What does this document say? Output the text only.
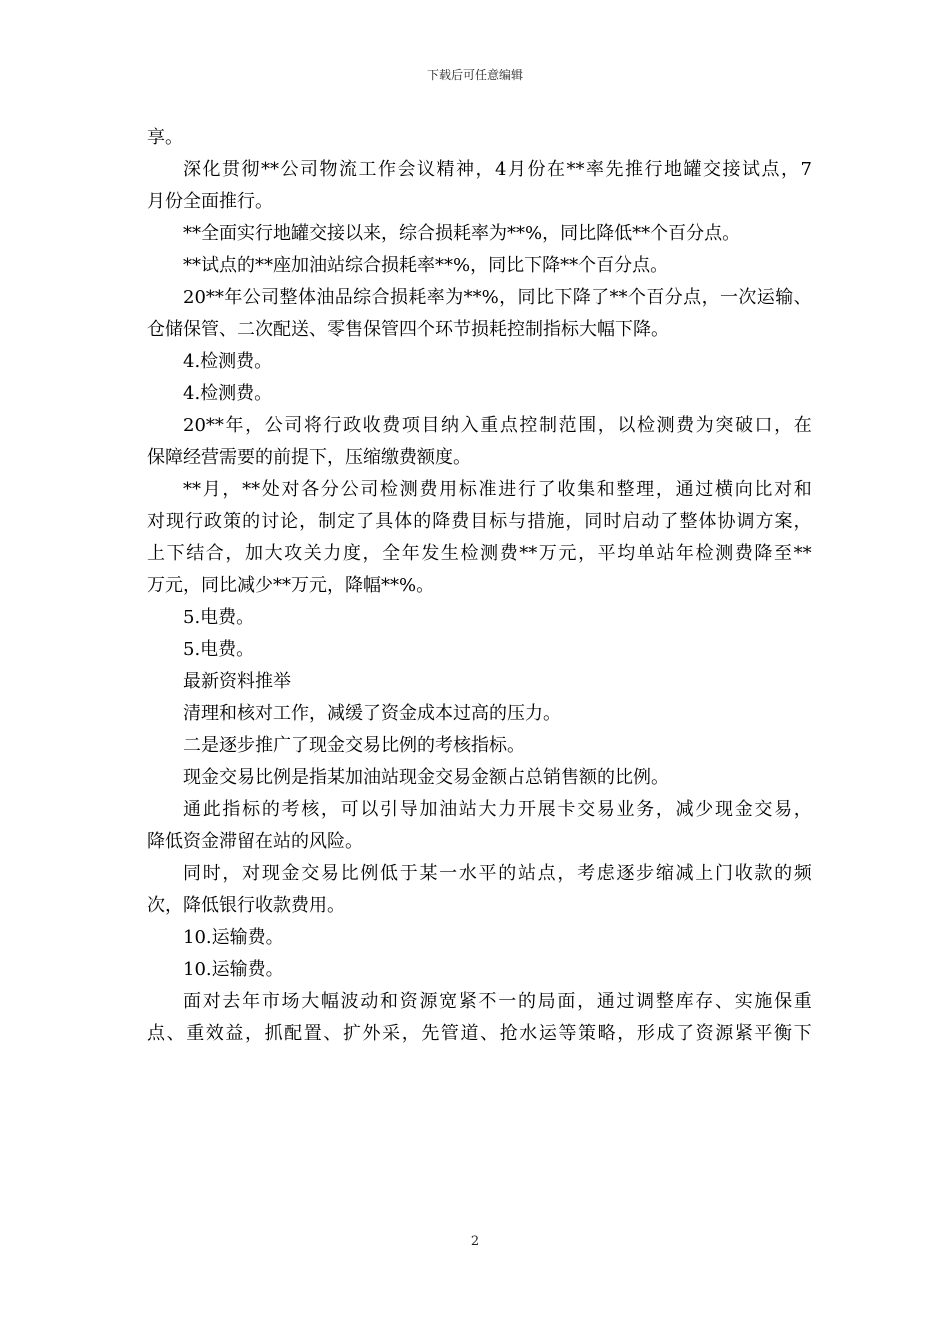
下载后可任意编辑
享。
深 化 贯 彻 ** 公 司 物 流 工 作 会 议 精 神 ， 4 月 份 在 ** 率 先 推 行 地 罐 交 接 试 点 ， 7
月份全面推行。
**全面实行地罐交接以来，综合损耗率为**%，同比降低**个百分点。
**试点的**座加油站综合损耗率**%，同比下降**个百分点。
20** 年 公 司 整 体 油 品 综 合 损 耗 率 为 **% ， 同 比 下 降 了 ** 个 百 分 点 ， 一 次 运 输 、
仓储保管、二次配送、零售保管四个环节损耗控制指标大幅下降。
4.检测费。
4.检测费。
20** 年 ， 公 司 将 行 政 收 费 项 目 纳 入 重 点 控 制 范 围 ， 以 检 测 费 为 突 破 口 ， 在
保障经营需要的前提下，压缩缴费额度。
** 月 ， ** 处 对 各 分 公 司 检 测 费 用 标 准 进 行 了 收 集 和 整 理 ， 通 过 横 向 比 对 和
对 现 行 政 策 的 讨 论 ， 制 定 了 具 体 的 降 费 目 标 与 措 施 ， 同 时 启 动 了 整 体 协 调 方 案 ，
上 下 结 合 ， 加 大 攻 关 力 度 ， 全 年 发 生 检 测 费 ** 万 元 ， 平 均 单 站 年 检 测 费 降 至 **
万元，同比减少**万元，降幅**%。
5.电费。
5.电费。
最新资料推举
清理和核对工作，减缓了资金成本过高的压力。
二是逐步推广了现金交易比例的考核指标。
现金交易比例是指某加油站现金交易金额占总销售额的比例。
通 此 指 标 的 考 核 ， 可 以 引 导 加 油 站 大 力 开 展 卡 交 易 业 务 ， 减 少 现 金 交 易 ，
降低资金滞留在站的风险。
同 时 ， 对 现 金 交 易 比 例 低 于 某 一 水 平 的 站 点 ， 考 虑 逐 步 缩 减 上 门 收 款 的 频
次，降低银行收款费用。
10.运输费。
10.运输费。
面 对 去 年 市 场 大 幅 波 动 和 资 源 宽 紧 不 一 的 局 面 ， 通 过 调 整 库 存 、 实 施 保 重
点 、 重 效 益 ， 抓 配 置 、 扩 外 采 ， 先 管 道 、 抢 水 运 等 策 略 ， 形 成 了 资 源 紧 平 衡 下
2
